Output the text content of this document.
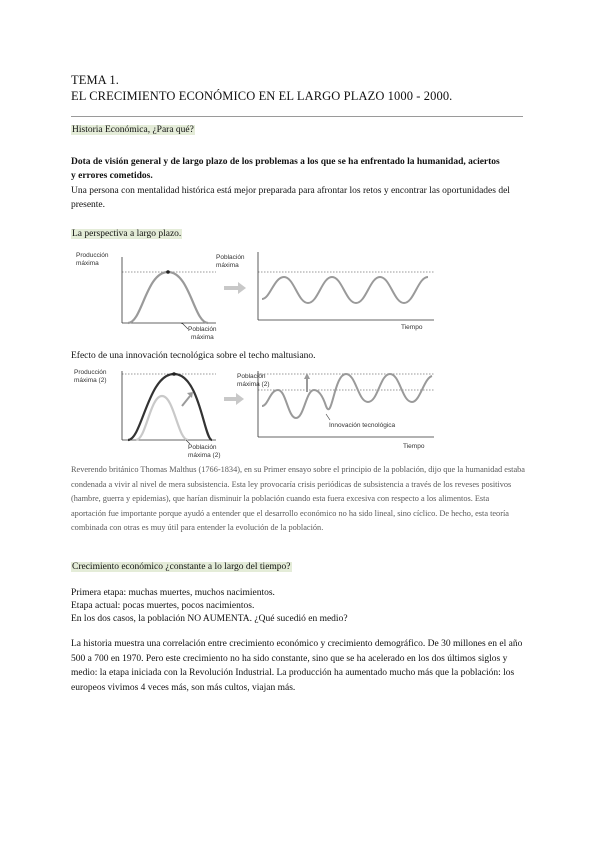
TEMA 1.
EL CRECIMIENTO ECONÓMICO EN EL LARGO PLAZO 1000 - 2000.
Historia Económica, ¿Para qué?
Dota de visión general y de largo plazo de los problemas a los que se ha enfrentado la humanidad, aciertos y errores cometidos.
Una persona con mentalidad histórica está mejor preparada para afrontar los retos y encontrar las oportunidades del presente.
La perspectiva a largo plazo.
Producción
máxima
Población
máxima
Población
máxima
Tiempo
Efecto de una innovación tecnológica sobre el techo maltusiano.
Producción
máxima (2)
Población
máxima (2)
Población
máxima (2)
Innovación tecnológica
Tiempo
Reverendo británico Thomas Malthus (1766-1834), en su Primer ensayo sobre el principio de la población, dijo que la humanidad estaba condenada a vivir al nivel de mera subsistencia. Esta ley provocaría crisis periódicas de subsistencia a través de los reveses positivos (hambre, guerra y epidemias), que harían disminuir la población cuando esta fuera excesiva con respecto a los alimentos. Esta aportación fue importante porque ayudó a entender que el desarrollo económico no ha sido lineal, sino cíclico. De hecho, esta teoría combinada con otras es muy útil para entender la evolución de la población.
Crecimiento económico ¿constante a lo largo del tiempo?
Primera etapa: muchas muertes, muchos nacimientos.
Etapa actual: pocas muertes, pocos nacimientos.
En los dos casos, la población NO AUMENTA. ¿Qué sucedió en medio?
La historia muestra una correlación entre crecimiento económico y crecimiento demográfico. De 30 millones en el año 500 a 700 en 1970. Pero este crecimiento no ha sido constante, sino que se ha acelerado en los dos últimos siglos y medio: la etapa iniciada con la Revolución Industrial. La producción ha aumentado mucho más que la población: los europeos vivimos 4 veces más, son más cultos, viajan más.
